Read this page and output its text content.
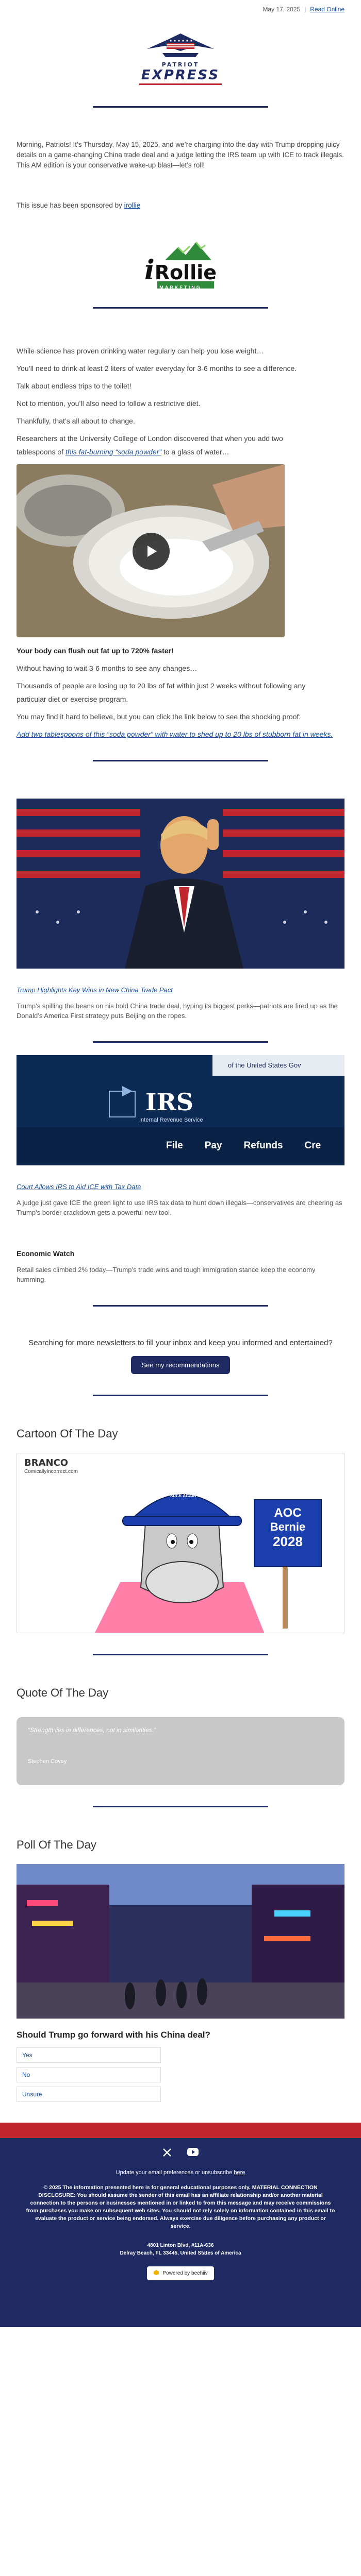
May 17, 2025 | Read Online
PATRIOT
EXPRESS

Morning, Patriots! It’s Thursday, May 15, 2025, and we’re charging into the day with Trump dropping juicy details on a game-changing China trade deal and a judge letting the IRS team up with ICE to track illegals. This AM edition is your conservative wake-up blast—let’s roll!

This issue has been sponsored by irollie

i Rollie
MARKETING

While science has proven drinking water regularly can help you lose weight…

You’ll need to drink at least 2 liters of water everyday for 3-6 months to see a difference.

Talk about endless trips to the toilet!

Not to mention, you’ll also need to follow a restrictive diet.

Thankfully, that’s all about to change.

Researchers at the University College of London discovered that when you add two

tablespoons of this fat-burning “soda powder” to a glass of water…

Your body can flush out fat up to 720% faster!

Without having to wait 3-6 months to see any changes…

Thousands of people are losing up to 20 lbs of fat within just 2 weeks without following any

particular diet or exercise program.

You may find it hard to believe, but you can click the link below to see the shocking proof:

Add two tablespoons of this “soda powder” with water to shed up to 20 lbs of stubborn fat in weeks.

Trump Highlights Key Wins in New China Trade Pact

Trump’s spilling the beans on his bold China trade deal, hyping its biggest perks—patriots are fired up as the Donald’s America First strategy puts Beijing on the ropes.

of the United States Gov
IRS
Internal Revenue Service
File Pay Refunds Cre
Court Allows IRS to Aid ICE with Tax Data

A judge just gave ICE the green light to use IRS tax data to hunt down illegals—conservatives are cheering as Trump’s border crackdown gets a powerful new tool.

Economic Watch

Retail sales climbed 2% today—Trump’s trade wins and tough immigration stance keep the economy humming.

Searching for more newsletters to fill your inbox and keep you informed and entertained?

See my recommendations

Cartoon Of The Day

BRANCO
ComicallyIncorrect.com
MASA
MAKE AMERICA
SUCK AGAIN
AOC
Bernie
2028

Quote Of The Day

“Strength lies in differences, not in similarities.”

Stephen Covey

Poll Of The Day

Should Trump go forward with his China deal?

Yes
No
Unsure

Update your email preferences or unsubscribe here

© 2025 The information presented here is for general educational purposes only. MATERIAL CONNECTION DISCLOSURE: You should assume the sender of this email has an affiliate relationship and/or another material connection to the persons or businesses mentioned in or linked to from this message and may receive commissions from purchases you make on subsequent web sites. You should not rely solely on information contained in this email to evaluate the product or service being endorsed. Always exercise due diligence before purchasing any product or service.

4801 Linton Blvd, #11A-636
Delray Beach, FL 33445, United States of America

Powered by beehiiv
